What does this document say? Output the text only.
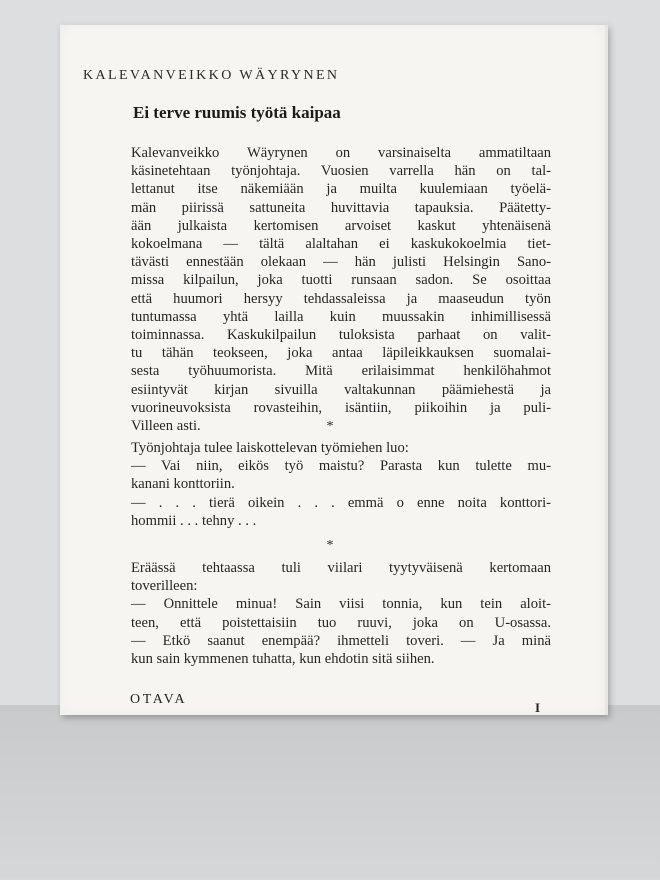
KALEVANVEIKKO WÄYRYNEN
Ei terve ruumis työtä kaipaa
Kalevanveikko Wäyrynen on varsinaiselta ammatiltaan
käsinetehtaan työnjohtaja. Vuosien varrella hän on tal-
lettanut itse näkemiään ja muilta kuulemiaan työelä-
män piirissä sattuneita huvittavia tapauksia. Päätetty-
ään julkaista kertomisen arvoiset kaskut yhtenäisenä
kokoelmana — tältä alaltahan ei kaskukokoelmia tiet-
tävästi ennestään olekaan — hän julisti Helsingin Sano-
missa kilpailun, joka tuotti runsaan sadon. Se osoittaa
että huumori hersyy tehdassaleissa ja maaseudun työn
tuntumassa yhtä lailla kuin muussakin inhimillisessä
toiminnassa. Kaskukilpailun tuloksista parhaat on valit-
tu tähän teokseen, joka antaa läpileikkauksen suomalai-
sesta työhuumorista. Mitä erilaisimmat henkilöhahmot
esiintyvät kirjan sivuilla valtakunnan päämiehestä ja
vuorineuvoksista rovasteihin, isäntiin, piikoihin ja puli-
Villeen asti.	*
Työnjohtaja tulee laiskottelevan työmiehen luo:
— Vai niin, eikös työ maistu? Parasta kun tulette mu-
kanani konttoriin.
— . . . tierä oikein . . . emmä o enne noita konttori-
hommii . . . tehny . . .
*
Eräässä tehtaassa tuli viilari tyytyväisenä kertomaan
toverilleen:
— Onnittele minua! Sain viisi tonnia, kun tein aloit-
teen, että poistettaisiin tuo ruuvi, joka on U-osassa.
— Etkö saanut enempää? ihmetteli toveri. — Ja minä
kun sain kymmenen tuhatta, kun ehdotin sitä siihen.
OTAVA
I
